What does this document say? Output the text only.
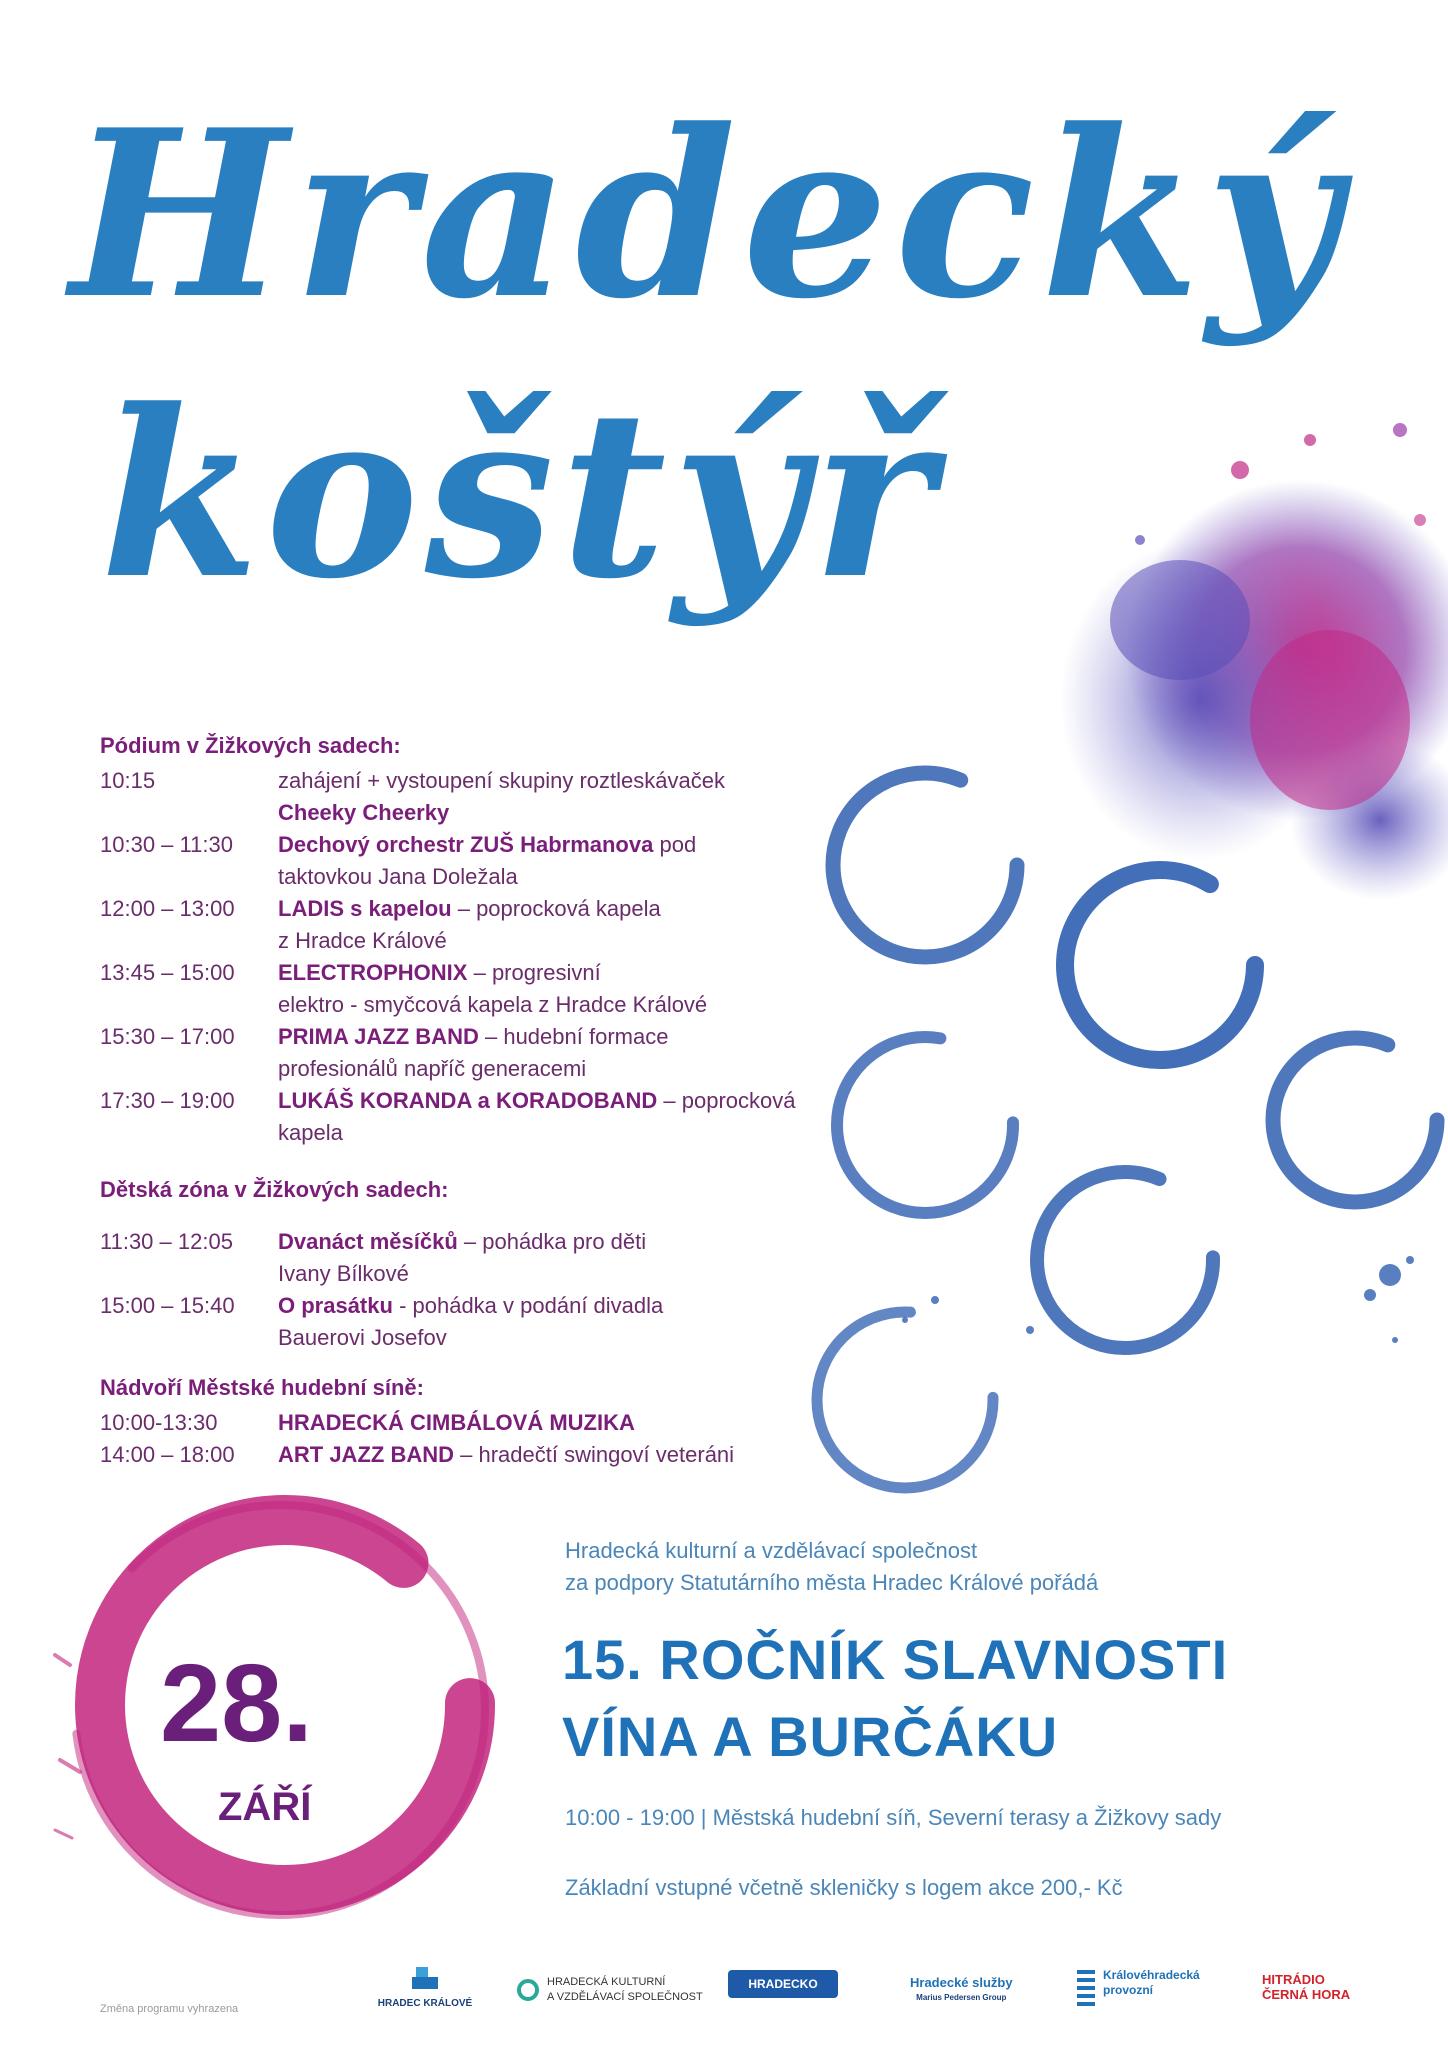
Hradecký
koštýř
Pódium v Žižkových sadech:
10:15	zahájení + vystoupení skupiny roztleskávaček
Cheeky Cheerky
10:30 – 11:30	Dechový orchestr ZUŠ Habrmanova pod
taktovkou Jana Doležala
12:00 – 13:00	LADIS s kapelou – poprocková kapela
z Hradce Králové
13:45 – 15:00	ELECTROPHONIX – progresivní
elektro - smyčcová kapela z Hradce Králové
15:30 – 17:00	PRIMA JAZZ BAND – hudební formace
profesionálů napříč generacemi
17:30 – 19:00	LUKÁŠ KORANDA a KORADOBAND – poprocková kapela
Dětská zóna v Žižkových sadech:
11:30 – 12:05	Dvanáct měsíčků – pohádka pro děti
Ivany Bílkové
15:00 – 15:40	O prasátku - pohádka v podání divadla
Bauerovi Josefov
Nádvoří Městské hudební síně:
10:00-13:30	HRADECKÁ CIMBÁLOVÁ MUZIKA
14:00 – 18:00	ART JAZZ BAND – hradečtí swingoví veteráni
Hradecká kulturní a vzdělávací společnost
za podpory Statutárního města Hradec Králové pořádá
15. ROČNÍK SLAVNOSTI
VÍNA A BURČÁKU
10:00 - 19:00 | Městská hudební síň, Severní terasy a Žižkovy sady
Základní vstupné včetně skleničky s logem akce 200,- Kč
28.
ZÁŘÍ
Změna programu vyhrazena	HRADEC KRÁLOVÉ
HRADECKÁ KULTURNÍ
A VZDĚLÁVACÍ SPOLEČNOST
HRADECKO	Hradecké služby
Marius Pedersen Group
Královéhradecká
provozní
HITRÁDIO
ČERNÁ HORA
